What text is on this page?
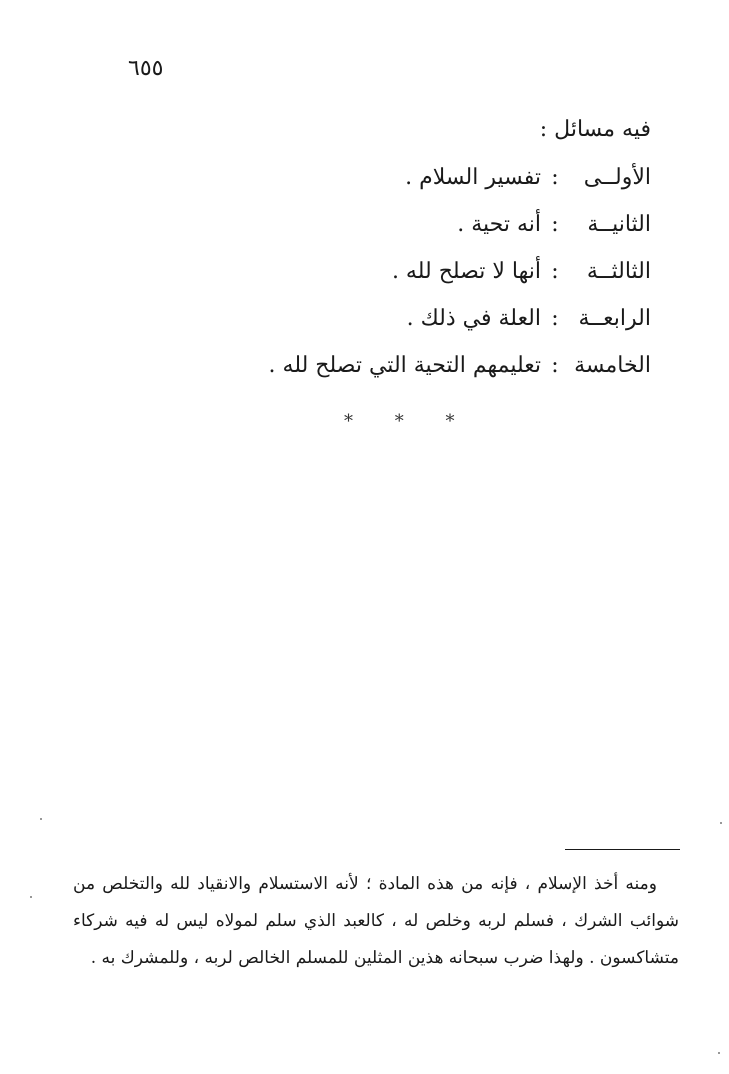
٦٥٥
فيه مسائل :
الأولــى
:
تفسير السلام .
الثانيــة
:
أنه تحية .
الثالثــة
:
أنها لا تصلح لله .
الرابعــة
:
العلة في ذلك .
الخامسة
:
تعليمهم التحية التي تصلح لله .
* * *

ومنه أخذ الإسلام ، فإنه من هذه المادة ؛ لأنه الاستسلام والانقياد لله والتخلص من شوائب الشرك ، فسلم لربه وخلص له ، كالعبد الذي سلم لمولاه ليس له فيه شركاء متشاكسون . ولهذا ضرب سبحانه هذين المثلين للمسلم الخالص لربه ، وللمشرك به .
